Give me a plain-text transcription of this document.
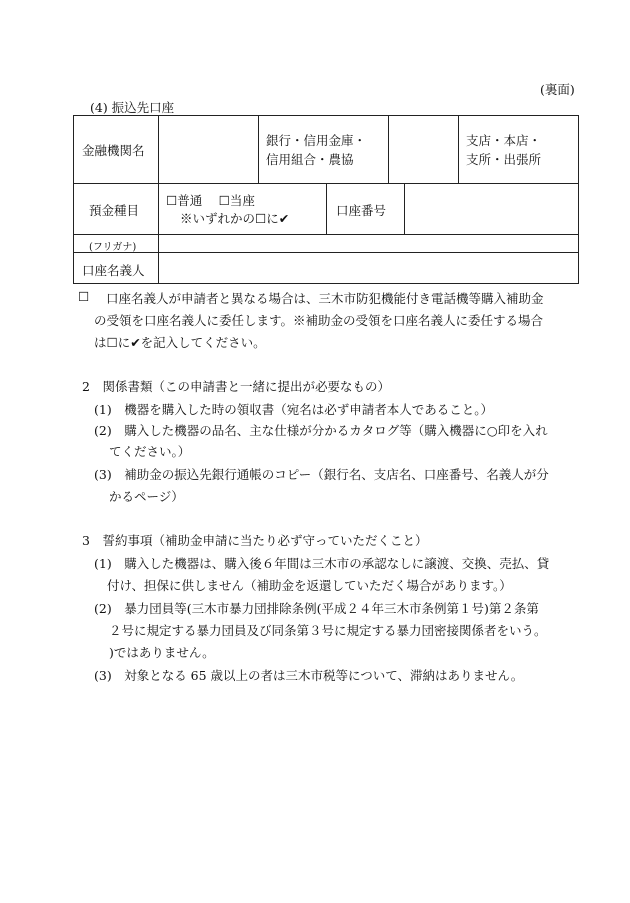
(裏面)
(4) 振込先口座
金融機関名
銀行・信用金庫・
信用組合・農協
支店・本店・
支所・出張所
預金種目
☐普通　 ☐当座
※いずれかの☐に✔
口座番号
(フリガナ)
口座名義人
☐ 口座名義人が申請者と異なる場合は、三木市防犯機能付き電話機等購入補助金
の受領を口座名義人に委任します。※補助金の受領を口座名義人に委任する場合
は☐に✔を記入してください。
2　関係書類（この申請書と一緒に提出が必要なもの）
(1)　機器を購入した時の領収書（宛名は必ず申請者本人であること。）
(2)　購入した機器の品名、主な仕様が分かるカタログ等（購入機器に○印を入れ
てください。）
(3)　補助金の振込先銀行通帳のコピー（銀行名、支店名、口座番号、名義人が分
かるページ）
3　誓約事項（補助金申請に当たり必ず守っていただくこと）
(1)　購入した機器は、購入後６年間は三木市の承認なしに譲渡、交換、売払、貸
付け、担保に供しません（補助金を返還していただく場合があります。）
(2)　暴力団員等(三木市暴力団排除条例(平成２４年三木市条例第１号)第２条第
２号に規定する暴力団員及び同条第３号に規定する暴力団密接関係者をいう。
)ではありません。
(3)　対象となる 65 歳以上の者は三木市税等について、滞納はありません。
